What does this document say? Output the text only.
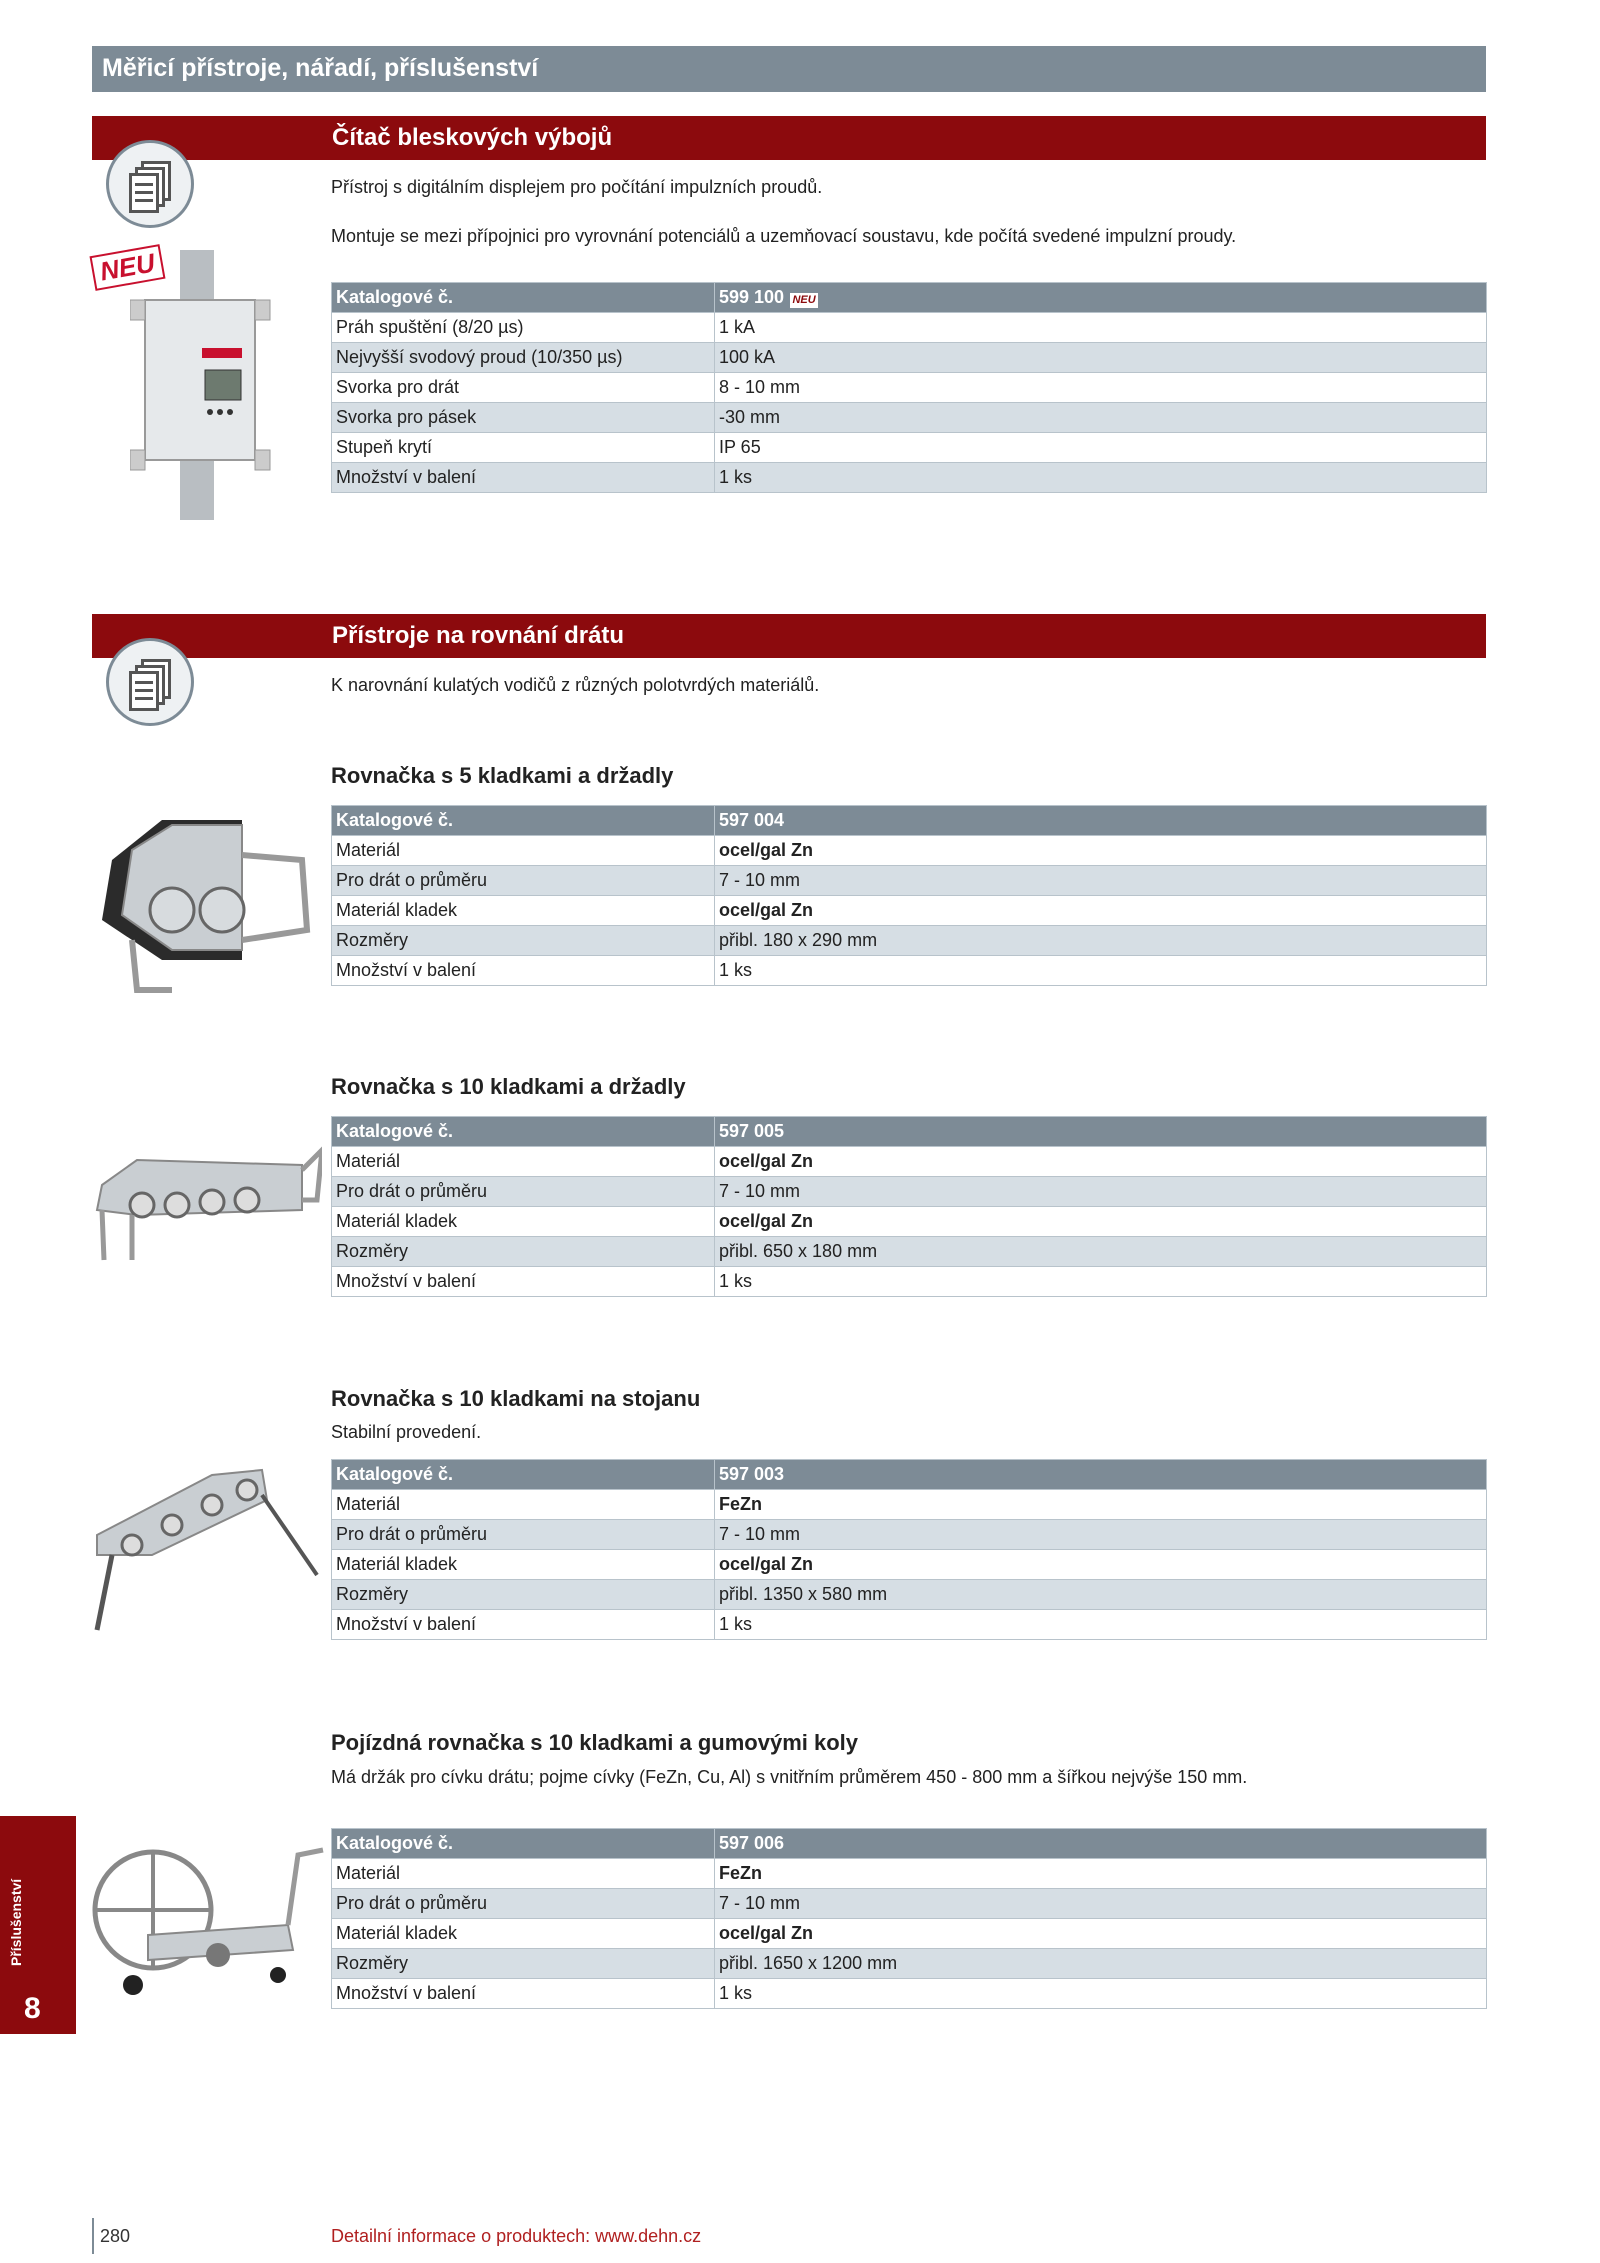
Měřicí přístroje, nářadí, příslušenství
Čítač bleskových výbojů
NEU
Přístroj s digitálním displejem pro počítání impulzních proudů.
Montuje se mezi přípojnici pro vyrovnání potenciálů a uzemňovací soustavu, kde počítá svedené impulzní proudy.
Katalogové č.	599 100 NEU
Práh spuštění (8/20 µs)	1 kA
Nejvyšší svodový proud (10/350 µs)	100 kA
Svorka pro drát	8 - 10 mm
Svorka pro pásek	-30 mm
Stupeň krytí	IP 65
Množství v balení	1 ks
Přístroje na rovnání drátu
K narovnání kulatých vodičů z různých polotvrdých materiálů.
Rovnačka s 5 kladkami a držadly
Katalogové č.	597 004
Materiál	ocel/gal Zn
Pro drát o průměru	7 - 10 mm
Materiál kladek	ocel/gal Zn
Rozměry	přibl. 180 x 290 mm
Množství v balení	1 ks
Rovnačka s 10 kladkami a držadly
Katalogové č.	597 005
Materiál	ocel/gal Zn
Pro drát o průměru	7 - 10 mm
Materiál kladek	ocel/gal Zn
Rozměry	přibl. 650 x 180 mm
Množství v balení	1 ks
Rovnačka s 10 kladkami na stojanu
Stabilní provedení.
Katalogové č.	597 003
Materiál	FeZn
Pro drát o průměru	7 - 10 mm
Materiál kladek	ocel/gal Zn
Rozměry	přibl. 1350 x 580 mm
Množství v balení	1 ks
Pojízdná rovnačka s 10 kladkami a gumovými koly
Má držák pro cívku drátu; pojme cívky (FeZn, Cu, Al) s vnitřním průměrem 450 - 800 mm a šířkou nejvýše 150 mm.
Katalogové č.	597 006
Materiál	FeZn
Pro drát o průměru	7 - 10 mm
Materiál kladek	ocel/gal Zn
Rozměry	přibl. 1650 x 1200 mm
Množství v balení	1 ks
Příslušenství
8
280	Detailní informace o produktech: www.dehn.cz
